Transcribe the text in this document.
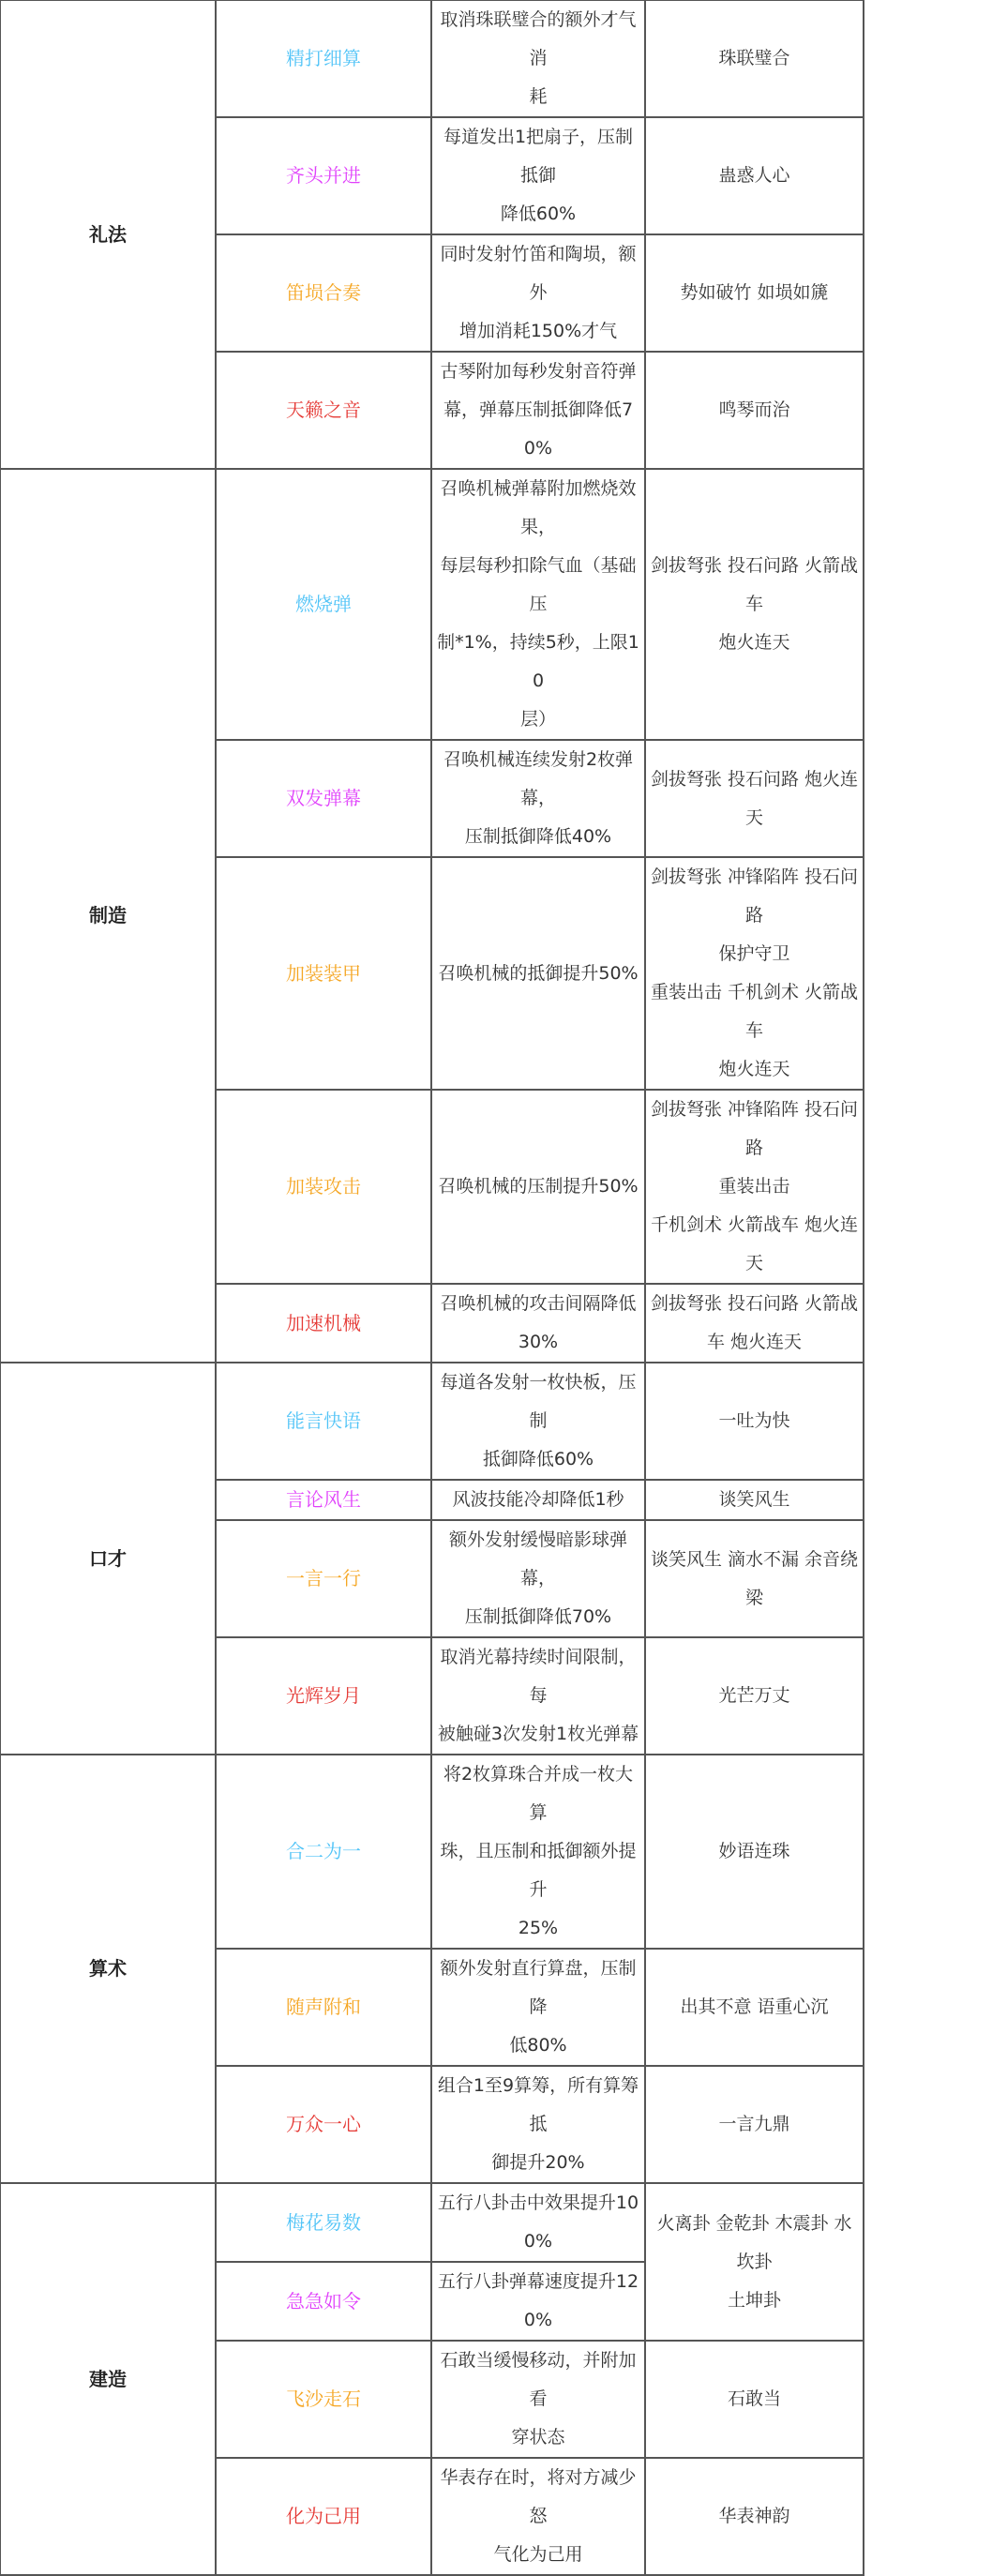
礼法	精打细算	取消珠联璧合的额外才气消
耗	珠联璧合

	齐头并进	每道发出1把扇子，压制抵御
降低60%	蛊惑人心

	笛埙合奏	同时发射竹笛和陶埙，额外
增加消耗150%才气	势如破竹 如埙如篪

	天籁之音	古琴附加每秒发射音符弹
幕，弹幕压制抵御降低70%	鸣琴而治

制造	燃烧弹	召唤机械弹幕附加燃烧效
果，
每层每秒扣除气血（基础压
制*1%，持续5秒，上限10
层）	剑拔弩张 投石问路 火箭战车
炮火连天

	双发弹幕	召唤机械连续发射2枚弹幕，
压制抵御降低40%	剑拔弩张 投石问路 炮火连天

	加装装甲	召唤机械的抵御提升50%	剑拔弩张 冲锋陷阵 投石问路
保护守卫
重装出击 千机剑术 火箭战车
炮火连天

	加装攻击	召唤机械的压制提升50%	剑拔弩张 冲锋陷阵 投石问路
重装出击
千机剑术 火箭战车 炮火连天

	加速机械	召唤机械的攻击间隔降低
30%	剑拔弩张 投石问路 火箭战
车 炮火连天

口才	能言快语	每道各发射一枚快板，压制
抵御降低60%	一吐为快

	言论风生	风波技能冷却降低1秒	谈笑风生

	一言一行	额外发射缓慢暗影球弹幕，
压制抵御降低70%	谈笑风生 滴水不漏 余音绕梁

	光辉岁月	取消光幕持续时间限制，每
被触碰3次发射1枚光弹幕	光芒万丈

算术	合二为一	将2枚算珠合并成一枚大算
珠，且压制和抵御额外提升
25%	妙语连珠

	随声附和	额外发射直行算盘，压制降
低80%	出其不意 语重心沉

	万众一心	组合1至9算筹，所有算筹抵
御提升20%	一言九鼎

建造	梅花易数	五行八卦击中效果提升100%	火离卦 金乾卦 木震卦 水坎卦
土坤卦

	急急如令	五行八卦弹幕速度提升120%	

	飞沙走石	石敢当缓慢移动，并附加看
穿状态	石敢当

	化为己用	华表存在时，将对方减少怒
气化为己用	华表神韵
